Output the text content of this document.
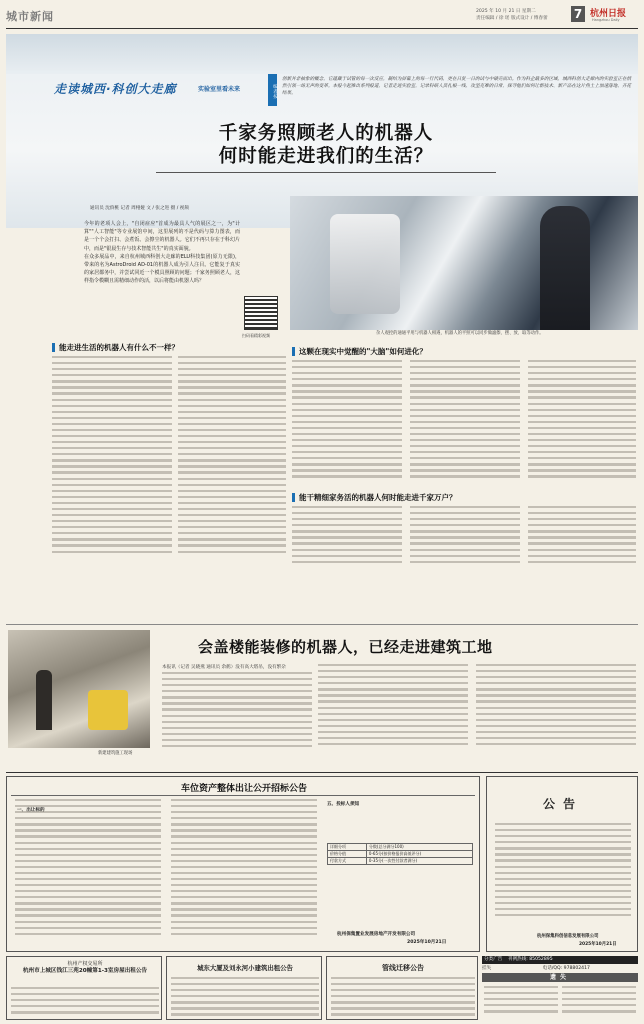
城市新闻	2025 年 10 月 21 日 星期二
责任编辑 / 徐 瑶 版式设计 / 傅春蕾 7 杭州日报
Hangzhou Daily
走读城西·科创大走廊	实验室里看未来	编者按
创新并非抽象的概念，它蕴藏于试管的每一次反应，凝结为屏幕上的每一行代码，更在日复一日的试与中破壳而出。作为科企最多的区域，城西科创大走廊内的实验室正在悄然引领一场无声的变革。本报今起推出系列报道，记者走进实验室，记录科研人员扎根一线、攻坚克难的日常，探寻他们如何让新技术、新产品在这片热土上加速落地、开花结果。
千家务照顾老人的机器人
何时能走进我们的生活？
通讯员 沈傧桃 记者 周栩娅 文 / 张之进 摄 / 视频
今年的老项人会上，"自闭症应"首成为最具人气的展区之一，为"计算""人工智能"等专业展馆中间，这里展列的不是代码与算力图表，而是一个个会打扫、会煮饭、会擦尘的机器人。它们不再只存在于科幻片中，而是"银晨生存与技术智能共生"的真实面貌。
在众多展品中，来自杭州城西科创大走廊的ELU科技集团(原力无限)，带来的名为AstroDroid AD-01的机器人成为引人注目。它能复于真实的家居都务中，并尝试同近一个模具照顾的问题；千家务照顾老人，这样指令模糊且需精细动作的活，以后将能由机器人吗？
扫码看精彩视频	杂人观控的通通平用与机器人相遇，机器人的平照可以同步做滤擦、摆、放、取等动作。
能走进生活的机器人有什么不一样？	这颗在现实中觉醒的"大脑"如何进化？
能干精细家务活的机器人何时能走进千家万户？
新建建筑施工现场
会盖楼能装修的机器人，已经走进建筑工地
本报讯（记者 吴晓燕 通讯员 余鹤）没有高大塔吊，没有繁杂
车位资产整体出让公开招标公告
五、投标人须知
详细分项	分数(总分满分100)
价格分值	0-65分(按价格报价高低评分)
付款方式	0-35分(一次性付款者满分)
杭州保集置业发展房地产开发有限公司
2025年10月21日
公告
杭州保集科创信息发展有限公司
2025年10月21日
杭州产权交易所
杭州市上城区钱江三苑20幢第1-3室房屋出租公告	城东大厦及刘永河小建筑出租公告	管线迁移公告
分类广告 刊例热线: 85052895
挂失	电话/QQ: 978802417
遗失
